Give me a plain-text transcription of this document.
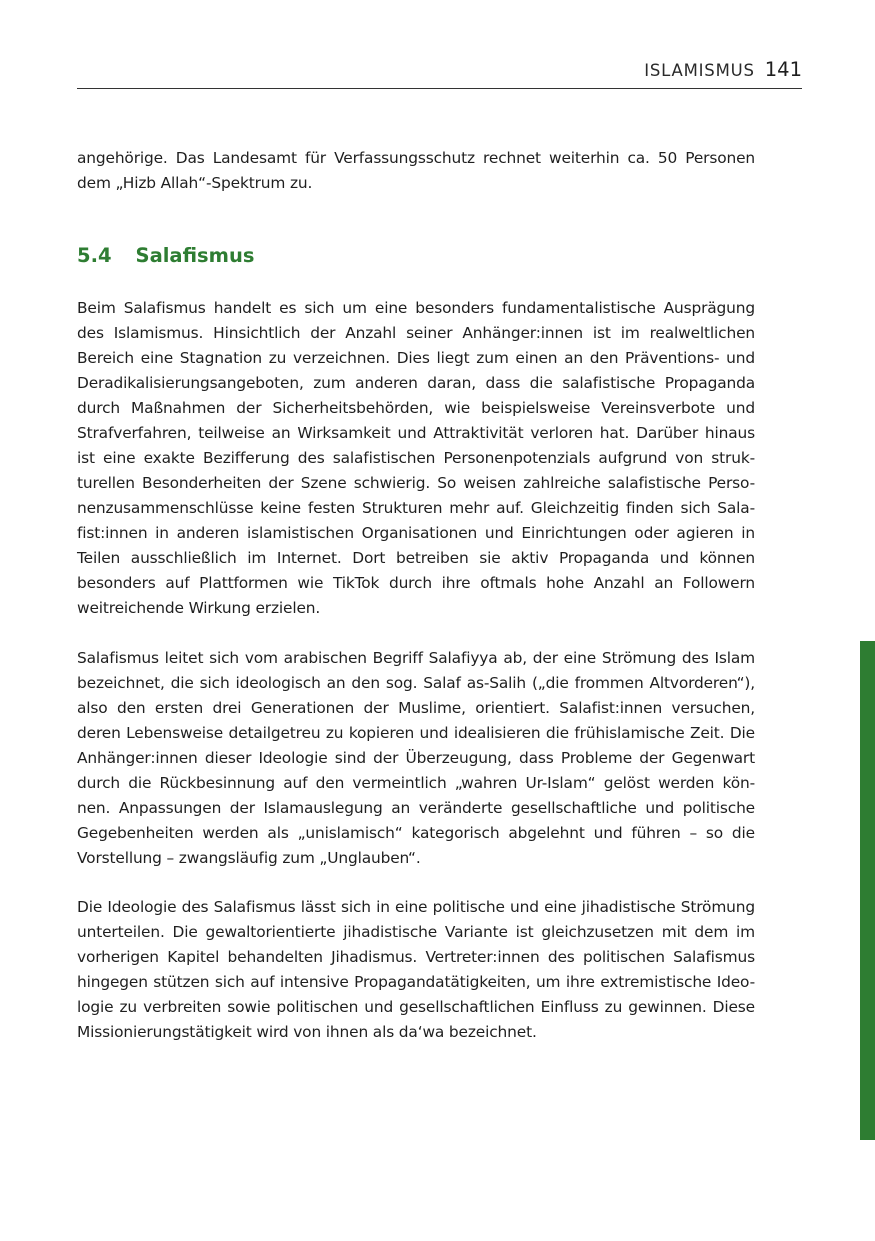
ISLAMISMUS 141

angehörige. Das Landesamt für Verfassungsschutz rechnet weiterhin ca. 50 Personen
dem „Hizb Allah“-Spektrum zu.

5.4 Salafismus

Beim Salafismus handelt es sich um eine besonders fundamentalistische Ausprägung
des Islamismus. Hinsichtlich der Anzahl seiner Anhänger:innen ist im realweltlichen
Bereich eine Stagnation zu verzeichnen. Dies liegt zum einen an den Präventions- und
Deradikalisierungsangeboten, zum anderen daran, dass die salafistische Propaganda
durch Maßnahmen der Sicherheitsbehörden, wie beispielsweise Vereinsverbote und
Strafverfahren, teilweise an Wirksamkeit und Attraktivität verloren hat. Darüber hinaus
ist eine exakte Bezifferung des salafistischen Personenpotenzials aufgrund von struk-
turellen Besonderheiten der Szene schwierig. So weisen zahlreiche salafistische Perso-
nenzusammenschlüsse keine festen Strukturen mehr auf. Gleichzeitig finden sich Sala-
fist:innen in anderen islamistischen Organisationen und Einrichtungen oder agieren in
Teilen ausschließlich im Internet. Dort betreiben sie aktiv Propaganda und können
besonders auf Plattformen wie TikTok durch ihre oftmals hohe Anzahl an Followern
weitreichende Wirkung erzielen.

Salafismus leitet sich vom arabischen Begriff Salafiyya ab, der eine Strömung des Islam
bezeichnet, die sich ideologisch an den sog. Salaf as-Salih („die frommen Altvorderen“),
also den ersten drei Generationen der Muslime, orientiert. Salafist:innen versuchen,
deren Lebensweise detailgetreu zu kopieren und idealisieren die frühislamische Zeit. Die
Anhänger:innen dieser Ideologie sind der Überzeugung, dass Probleme der Gegenwart
durch die Rückbesinnung auf den vermeintlich „wahren Ur-Islam“ gelöst werden kön-
nen. Anpassungen der Islamauslegung an veränderte gesellschaftliche und politische
Gegebenheiten werden als „unislamisch“ kategorisch abgelehnt und führen – so die
Vorstellung – zwangsläufig zum „Unglauben“.

Die Ideologie des Salafismus lässt sich in eine politische und eine jihadistische Strömung
unterteilen. Die gewaltorientierte jihadistische Variante ist gleichzusetzen mit dem im
vorherigen Kapitel behandelten Jihadismus. Vertreter:innen des politischen Salafismus
hingegen stützen sich auf intensive Propagandatätigkeiten, um ihre extremistische Ideo-
logie zu verbreiten sowie politischen und gesellschaftlichen Einfluss zu gewinnen. Diese
Missionierungstätigkeit wird von ihnen als da‘wa bezeichnet.
